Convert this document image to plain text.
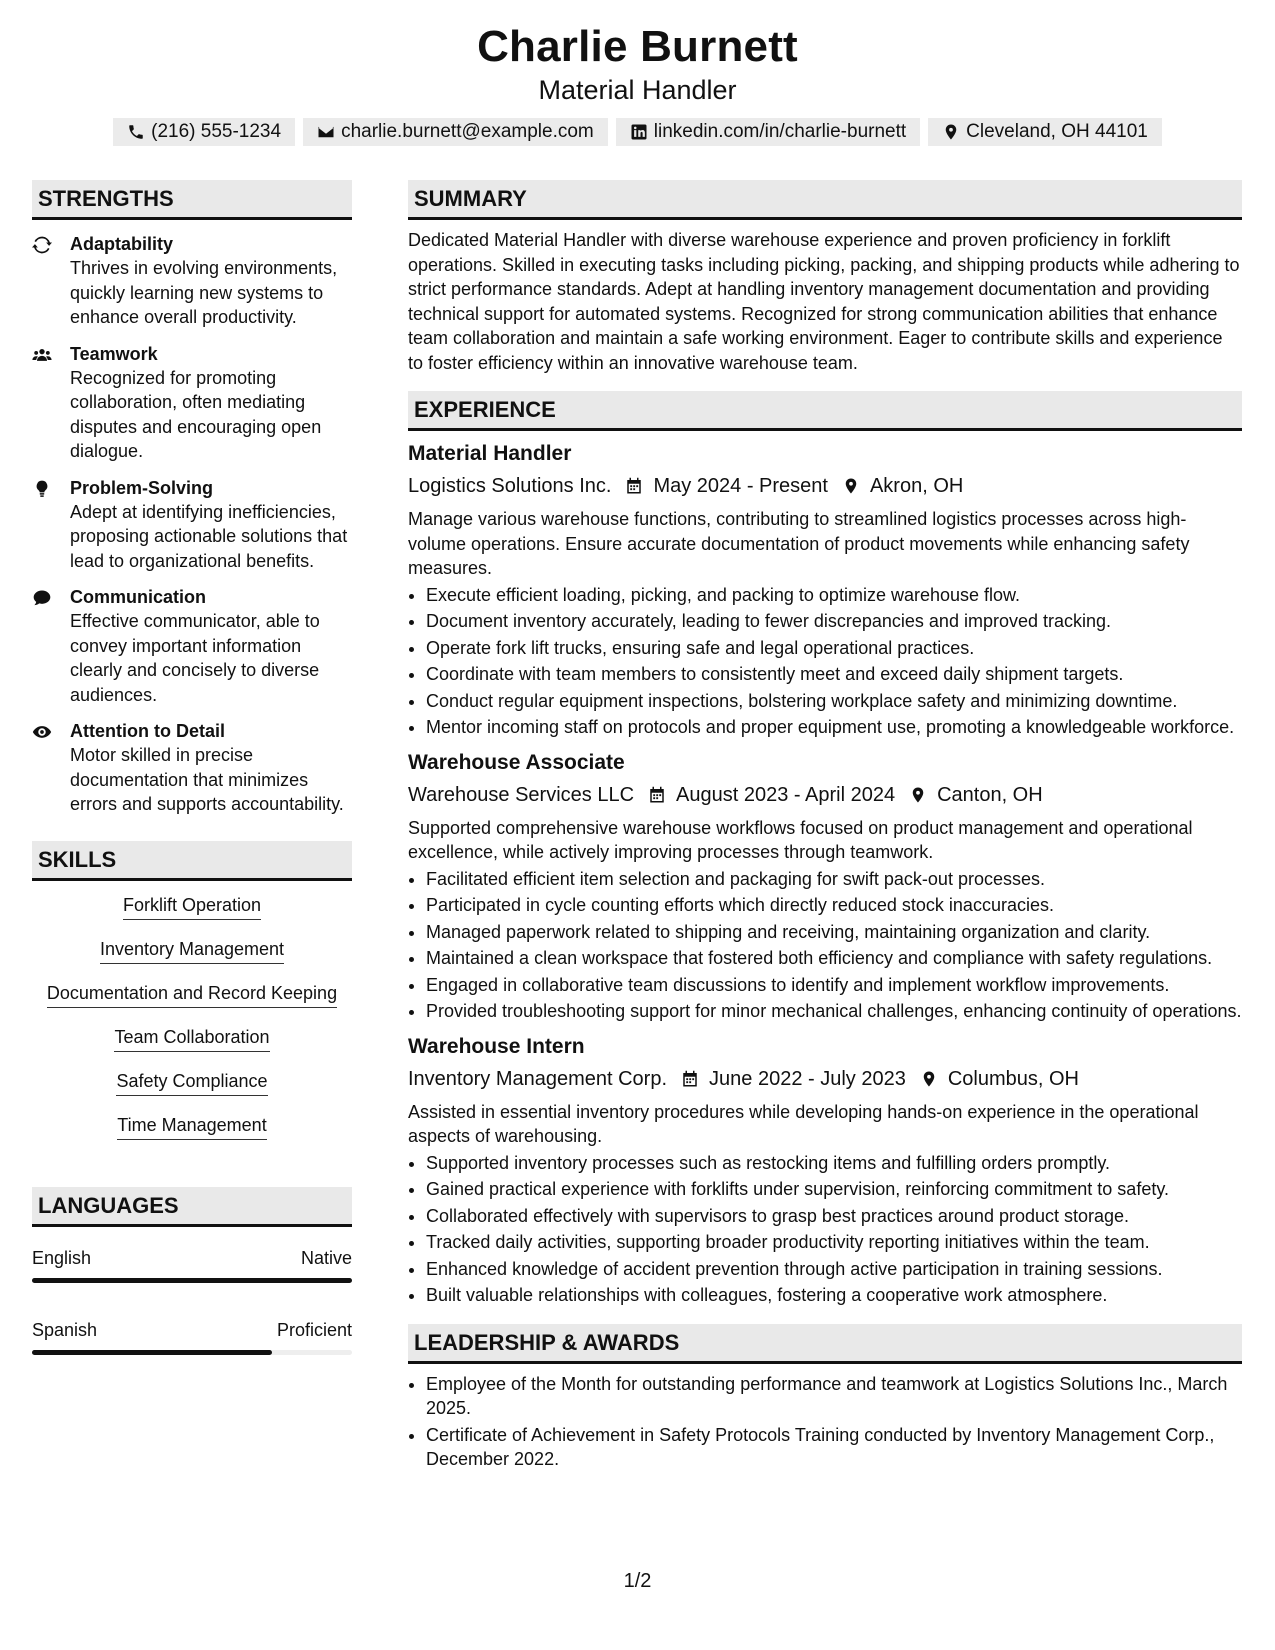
Charlie Burnett
Material Handler
(216) 555-1234	charlie.burnett@example.com	linkedin.com/in/charlie-burnett	Cleveland, OH 44101
STRENGTHS
Adaptability
Thrives in evolving environments, quickly learning new systems to enhance overall productivity.
Teamwork
Recognized for promoting collaboration, often mediating disputes and encouraging open dialogue.
Problem-Solving
Adept at identifying inefficiencies, proposing actionable solutions that lead to organizational benefits.
Communication
Effective communicator, able to convey important information clearly and concisely to diverse audiences.
Attention to Detail
Motor skilled in precise documentation that minimizes errors and supports accountability.
SKILLS
Forklift Operation
Inventory Management
Documentation and Record Keeping
Team Collaboration
Safety Compliance
Time Management
LANGUAGES
English	Native
Spanish	Proficient
SUMMARY

Dedicated Material Handler with diverse warehouse experience and proven proficiency in forklift operations. Skilled in executing tasks including picking, packing, and shipping products while adhering to strict performance standards. Adept at handling inventory management documentation and providing technical support for automated systems. Recognized for strong communication abilities that enhance team collaboration and maintain a safe working environment. Eager to contribute skills and experience to foster efficiency within an innovative warehouse team.

EXPERIENCE
Material Handler
Logistics Solutions Inc. May 2024 - Present Akron, OH
Manage various warehouse functions, contributing to streamlined logistics processes across high-volume operations. Ensure accurate documentation of product movements while enhancing safety measures.
• Execute efficient loading, picking, and packing to optimize warehouse flow.
• Document inventory accurately, leading to fewer discrepancies and improved tracking.
• Operate fork lift trucks, ensuring safe and legal operational practices.
• Coordinate with team members to consistently meet and exceed daily shipment targets.
• Conduct regular equipment inspections, bolstering workplace safety and minimizing downtime.
• Mentor incoming staff on protocols and proper equipment use, promoting a knowledgeable workforce.
Warehouse Associate
Warehouse Services LLC August 2023 - April 2024 Canton, OH
Supported comprehensive warehouse workflows focused on product management and operational excellence, while actively improving processes through teamwork.
• Facilitated efficient item selection and packaging for swift pack-out processes.
• Participated in cycle counting efforts which directly reduced stock inaccuracies.
• Managed paperwork related to shipping and receiving, maintaining organization and clarity.
• Maintained a clean workspace that fostered both efficiency and compliance with safety regulations.
• Engaged in collaborative team discussions to identify and implement workflow improvements.
• Provided troubleshooting support for minor mechanical challenges, enhancing continuity of operations.
Warehouse Intern
Inventory Management Corp. June 2022 - July 2023 Columbus, OH
Assisted in essential inventory procedures while developing hands-on experience in the operational aspects of warehousing.
• Supported inventory processes such as restocking items and fulfilling orders promptly.
• Gained practical experience with forklifts under supervision, reinforcing commitment to safety.
• Collaborated effectively with supervisors to grasp best practices around product storage.
• Tracked daily activities, supporting broader productivity reporting initiatives within the team.
• Enhanced knowledge of accident prevention through active participation in training sessions.
• Built valuable relationships with colleagues, fostering a cooperative work atmosphere.
LEADERSHIP & AWARDS
• Employee of the Month for outstanding performance and teamwork at Logistics Solutions Inc., March 2025.
• Certificate of Achievement in Safety Protocols Training conducted by Inventory Management Corp., December 2022.
1/2
